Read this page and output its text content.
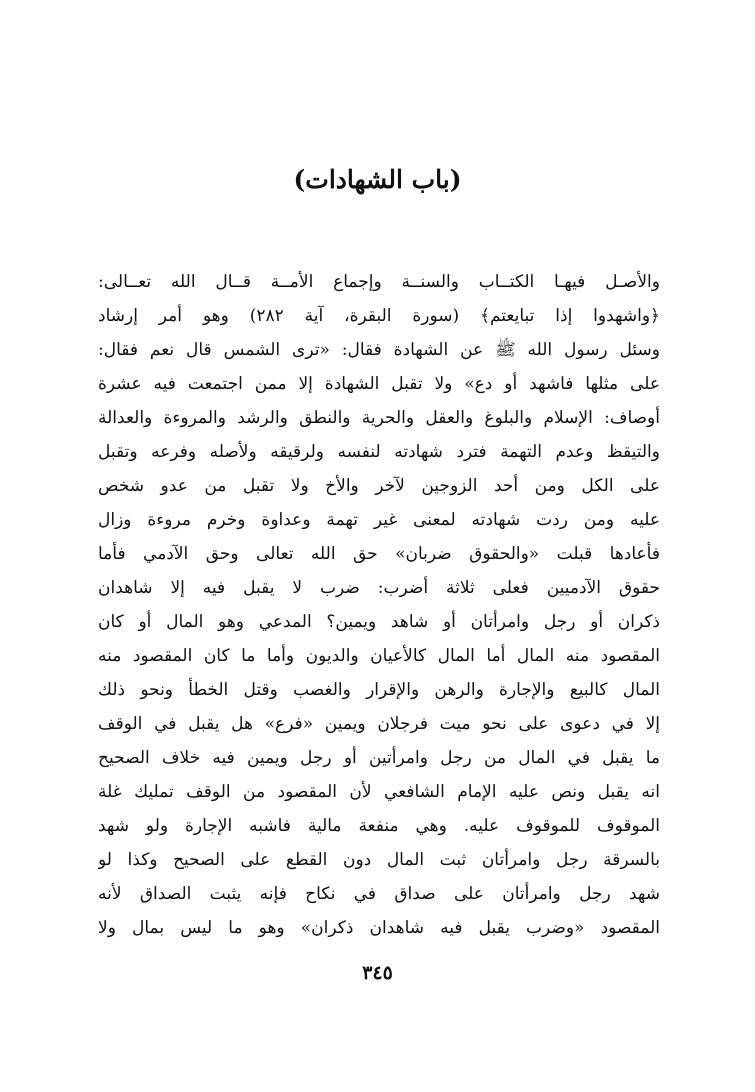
(باب الشهادات)
والأصـل فيهـا الكتــاب والسنــة وإجماع الأمــة قــال الله تعــالى:
﴿واشهدوا إذا تبايعتم﴾ (سورة البقرة، آية ٢٨٢) وهو أمر إرشاد
وسئل رسول الله ﷺ عن الشهادة فقال: «ترى الشمس قال نعم فقال:
على مثلها فاشهد أو دع» ولا تقبل الشهادة إلا ممن اجتمعت فيه عشرة
أوصاف: الإسلام والبلوغ والعقل والحرية والنطق والرشد والمروءة والعدالة
والتيقظ وعدم التهمة فترد شهادته لنفسه ولرقيقه ولأصله وفرعه وتقبل
على الكل ومن أحد الزوجين لآخر والأخ ولا تقبل من عدو شخص
عليه ومن ردت شهادته لمعنى غير تهمة وعداوة وخرم مروءة وزال
فأعادها قبلت «والحقوق ضربان» حق الله تعالى وحق الآدمي فأما
حقوق الآدميين فعلى ثلاثة أضرب: ضرب لا يقبل فيه إلا شاهدان
ذكران أو رجل وامرأتان أو شاهد ويمين؟ المدعي وهو المال أو كان
المقصود منه المال أما المال كالأعيان والديون وأما ما كان المقصود منه
المال كالبيع والإجارة والرهن والإقرار والغصب وقتل الخطأ ونحو ذلك
إلا في دعوى على نحو ميت فرجلان ويمين «فرع» هل يقبل في الوقف
ما يقبل في المال من رجل وامرأتين أو رجل ويمين فيه خلاف الصحيح
انه يقبل ونص عليه الإمام الشافعي لأن المقصود من الوقف تمليك غلة
الموقوف للموقوف عليه. وهي منفعة مالية فاشبه الإجارة ولو شهد
بالسرقة رجل وامرأتان ثبت المال دون القطع على الصحيح وكذا لو
شهد رجل وامرأتان على صداق في نكاح فإنه يثبت الصداق لأنه
المقصود «وضرب يقبل فيه شاهدان ذكران» وهو ما ليس بمال ولا
٣٤٥
